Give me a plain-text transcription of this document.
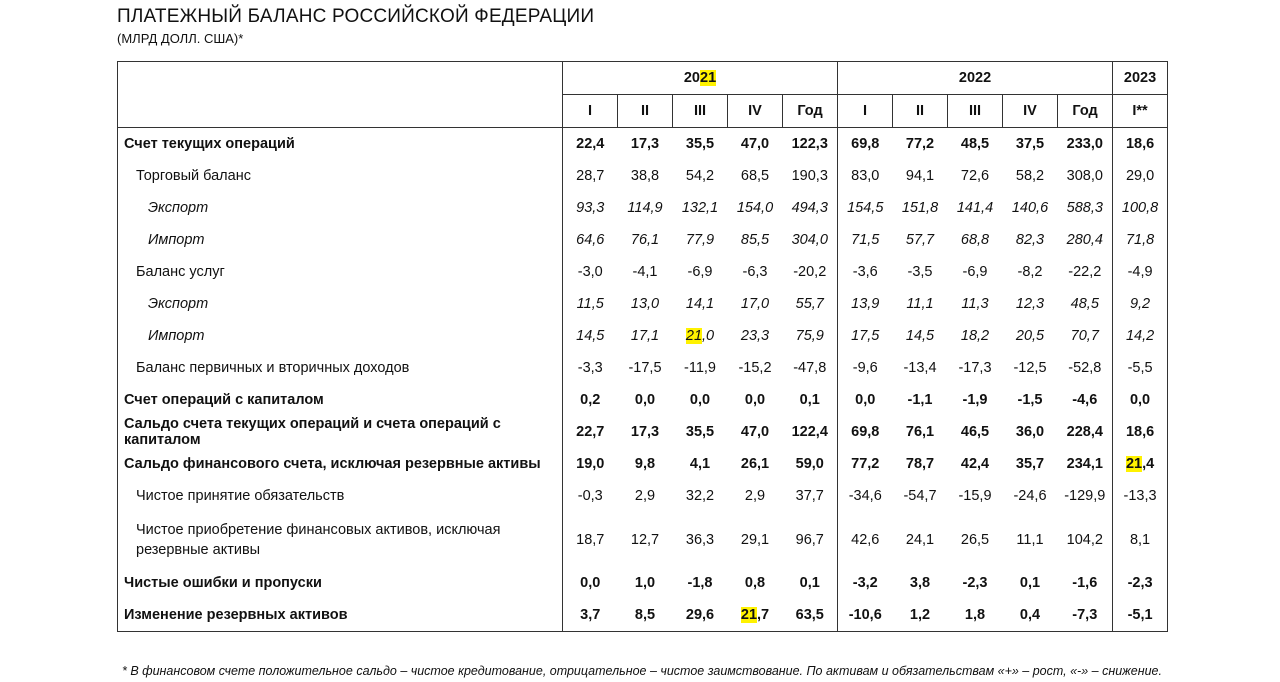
ПЛАТЕЖНЫЙ БАЛАНС РОССИЙСКОЙ ФЕДЕРАЦИИ
(МЛРД ДОЛЛ. США)*
	2021					2022					2023
	I	II	III	IV	Год	I	II	III	IV	Год	I**
Счет текущих операций	22,4	17,3	35,5	47,0	122,3	69,8	77,2	48,5	37,5	233,0	18,6
Торговый баланс	28,7	38,8	54,2	68,5	190,3	83,0	94,1	72,6	58,2	308,0	29,0
Экспорт	93,3	114,9	132,1	154,0	494,3	154,5	151,8	141,4	140,6	588,3	100,8
Импорт	64,6	76,1	77,9	85,5	304,0	71,5	57,7	68,8	82,3	280,4	71,8
Баланс услуг	-3,0	-4,1	-6,9	-6,3	-20,2	-3,6	-3,5	-6,9	-8,2	-22,2	-4,9
Экспорт	11,5	13,0	14,1	17,0	55,7	13,9	11,1	11,3	12,3	48,5	9,2
Импорт	14,5	17,1	21,0	23,3	75,9	17,5	14,5	18,2	20,5	70,7	14,2
Баланс первичных и вторичных доходов	-3,3	-17,5	-11,9	-15,2	-47,8	-9,6	-13,4	-17,3	-12,5	-52,8	-5,5
Счет операций с капиталом	0,2	0,0	0,0	0,0	0,1	0,0	-1,1	-1,9	-1,5	-4,6	0,0
Сальдо счета текущих операций и счета операций с капиталом	22,7	17,3	35,5	47,0	122,4	69,8	76,1	46,5	36,0	228,4	18,6
Сальдо финансового счета, исключая резервные активы	19,0	9,8	4,1	26,1	59,0	77,2	78,7	42,4	35,7	234,1	21,4
Чистое принятие обязательств	-0,3	2,9	32,2	2,9	37,7	-34,6	-54,7	-15,9	-24,6	-129,9	-13,3
Чистое приобретение финансовых активов, исключая резервные активы	18,7	12,7	36,3	29,1	96,7	42,6	24,1	26,5	11,1	104,2	8,1
Чистые ошибки и пропуски	0,0	1,0	-1,8	0,8	0,1	-3,2	3,8	-2,3	0,1	-1,6	-2,3
Изменение резервных активов	3,7	8,5	29,6	21,7	63,5	-10,6	1,2	1,8	0,4	-7,3	-5,1
* В финансовом счете положительное сальдо – чистое кредитование, отрицательное – чистое заимствование. По активам и обязательствам «+» – рост, «-» – снижение.
